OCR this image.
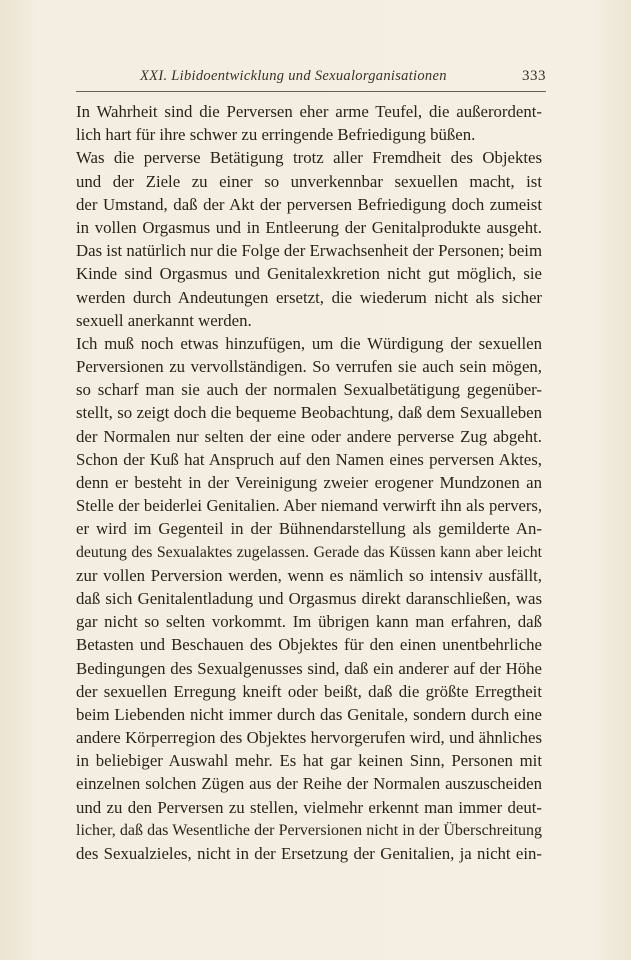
XXI. Libidoentwicklung und Sexualorganisationen	333
In Wahrheit sind die Perversen eher arme Teufel, die außerordent-
lich hart für ihre schwer zu erringende Befriedigung büßen.
Was die perverse Betätigung trotz aller Fremdheit des Objektes
und der Ziele zu einer so unverkennbar sexuellen macht, ist
der Umstand, daß der Akt der perversen Befriedigung doch zumeist
in vollen Orgasmus und in Entleerung der Genitalprodukte ausgeht.
Das ist natürlich nur die Folge der Erwachsenheit der Personen; beim
Kinde sind Orgasmus und Genitalexkretion nicht gut möglich, sie
werden durch Andeutungen ersetzt, die wiederum nicht als sicher
sexuell anerkannt werden.
Ich muß noch etwas hinzufügen, um die Würdigung der sexuellen
Perversionen zu vervollständigen. So verrufen sie auch sein mögen,
so scharf man sie auch der normalen Sexualbetätigung gegenüber-
stellt, so zeigt doch die bequeme Beobachtung, daß dem Sexualleben
der Normalen nur selten der eine oder andere perverse Zug abgeht.
Schon der Kuß hat Anspruch auf den Namen eines perversen Aktes,
denn er besteht in der Vereinigung zweier erogener Mundzonen an
Stelle der beiderlei Genitalien. Aber niemand verwirft ihn als pervers,
er wird im Gegenteil in der Bühnendarstellung als gemilderte An-
deutung des Sexualaktes zugelassen. Gerade das Küssen kann aber leicht
zur vollen Perversion werden, wenn es nämlich so intensiv ausfällt,
daß sich Genitalentladung und Orgasmus direkt daranschließen, was
gar nicht so selten vorkommt. Im übrigen kann man erfahren, daß
Betasten und Beschauen des Objektes für den einen unentbehrliche
Bedingungen des Sexualgenusses sind, daß ein anderer auf der Höhe
der sexuellen Erregung kneift oder beißt, daß die größte Erregtheit
beim Liebenden nicht immer durch das Genitale, sondern durch eine
andere Körperregion des Objektes hervorgerufen wird, und ähnliches
in beliebiger Auswahl mehr. Es hat gar keinen Sinn, Personen mit
einzelnen solchen Zügen aus der Reihe der Normalen auszuscheiden
und zu den Perversen zu stellen, vielmehr erkennt man immer deut-
licher, daß das Wesentliche der Perversionen nicht in der Überschreitung
des Sexualzieles, nicht in der Ersetzung der Genitalien, ja nicht ein-
